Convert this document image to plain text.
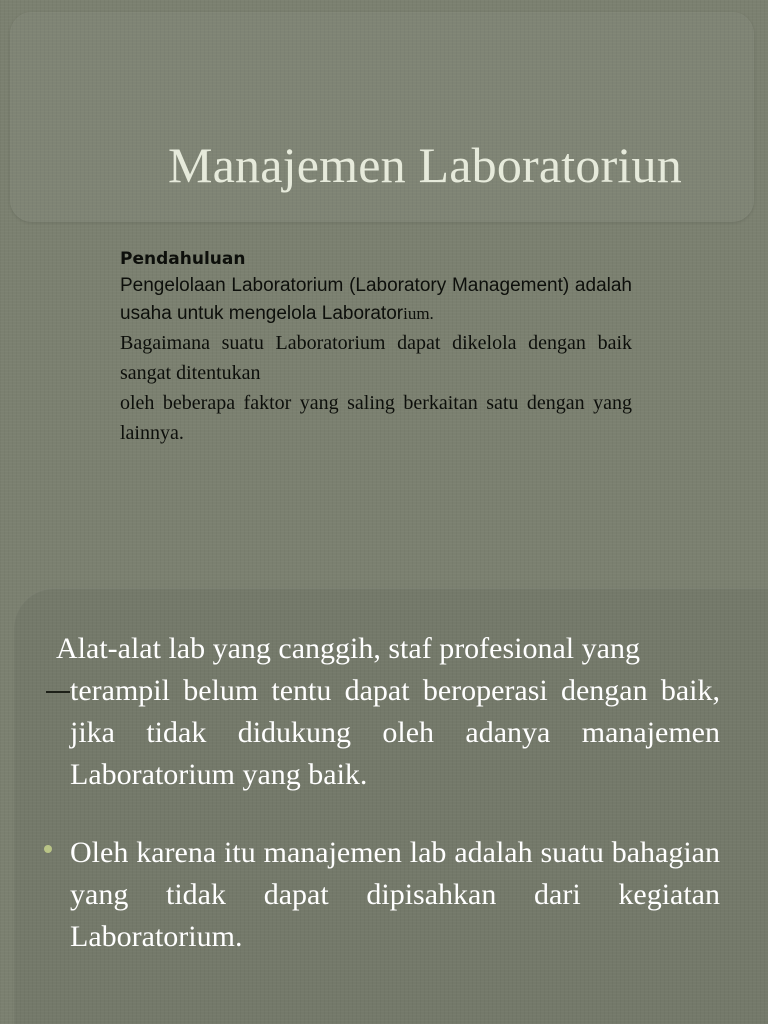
Manajemen Laboratoriun

Pendahuluan

Pengelolaan Laboratorium (Laboratory Management) adalah usaha untuk mengelola Laboratorium.

Bagaimana suatu Laboratorium dapat dikelola dengan baik sangat ditentukan

oleh beberapa faktor yang saling berkaitan satu dengan yang lainnya.

Alat-alat lab yang canggih, staf profesional yang
terampil belum tentu dapat beroperasi dengan baik, jika tidak didukung oleh adanya manajemen Laboratorium yang baik.

Oleh karena itu manajemen lab adalah suatu bahagian yang tidak dapat dipisahkan dari kegiatan Laboratorium.
